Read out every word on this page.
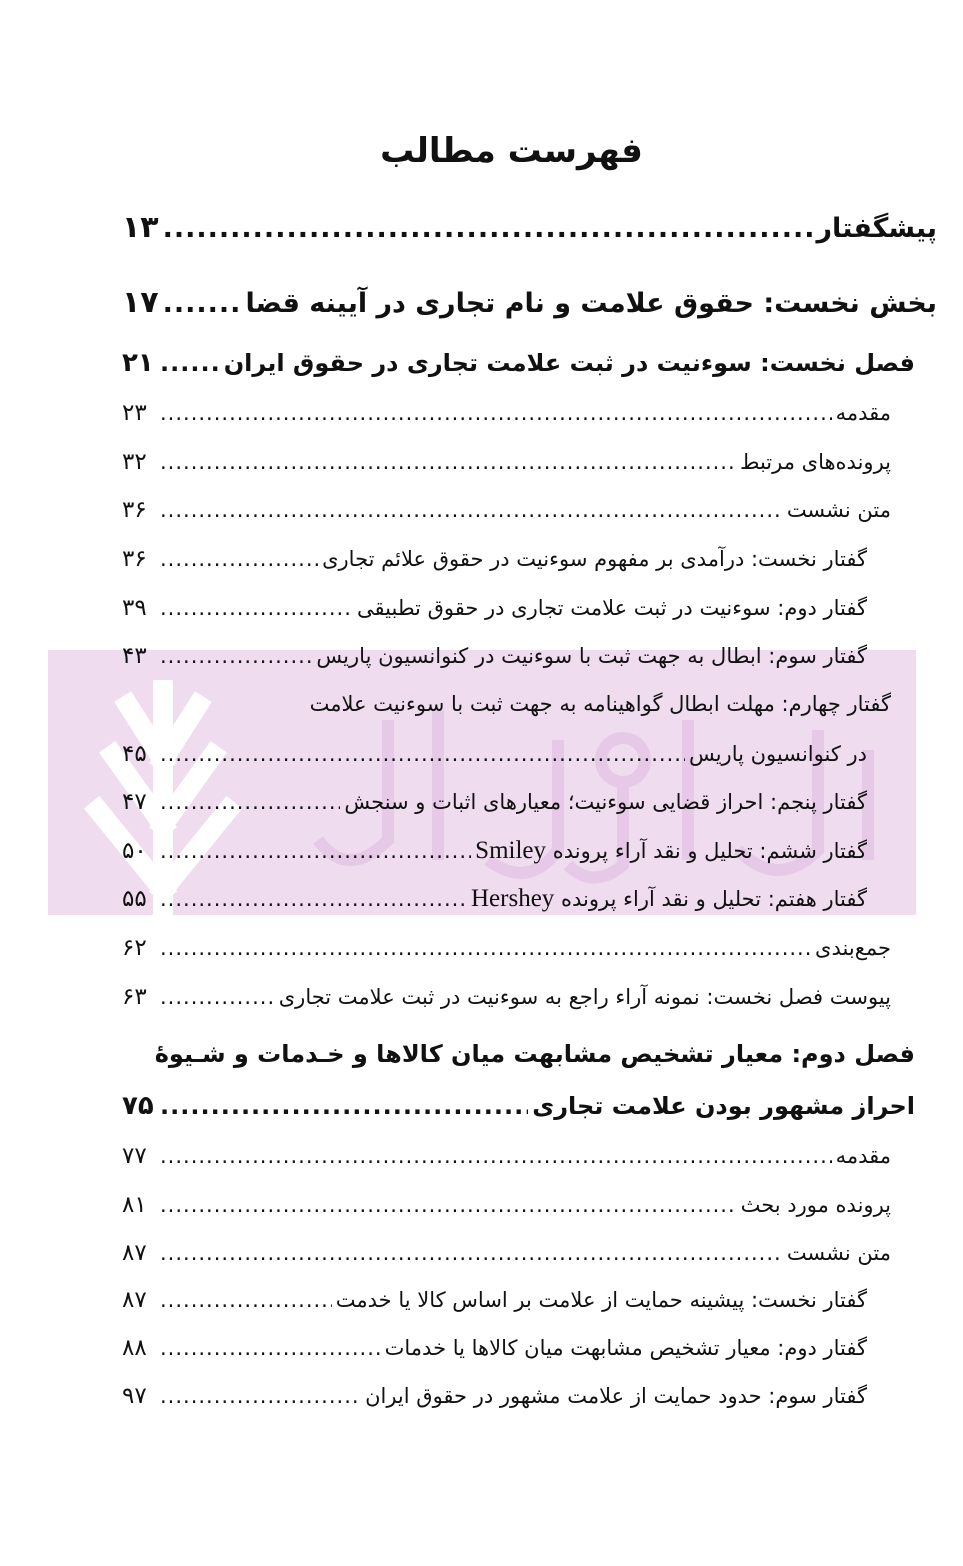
فهرست مطالب
پیشگفتار
.....
۱۳
بخش نخست: حقوق علامت و نام تجاری در آیینه قضا
.....
۱۷
فصل نخست: سوءنیت در ثبت علامت تجاری در حقوق ایران
.....
۲۱
مقدمه
.....
۲۳
پرونده‌های مرتبط
.....
۳۲
متن نشست
.....
۳۶
گفتار نخست: درآمدی بر مفهوم سوءنیت در حقوق علائم تجاری
.....
۳۶
گفتار دوم: سوءنیت در ثبت علامت تجاری در حقوق تطبیقی
.....
۳۹
گفتار سوم: ابطال به جهت ثبت با سوءنیت در کنوانسیون پاریس
.....
۴۳
گفتار چهارم: مهلت ابطال گواهینامه به جهت ثبت با سوءنیت علامت
در کنوانسیون پاریس
.....
۴۵
گفتار پنجم: احراز قضایی سوءنیت؛ معیارهای اثبات و سنجش
.....
۴۷
گفتار ششم: تحلیل و نقد آراء پرونده Smiley
.....
۵۰
گفتار هفتم: تحلیل و نقد آراء پرونده Hershey
.....
۵۵
جمع‌بندی
.....
۶۲
پیوست فصل نخست: نمونه آراء راجع به سوءنیت در ثبت علامت تجاری
.....
۶۳
فصل دوم: معیار تشخیص مشابهت میان کالاها و خـدمات و شـیوۀ
احراز مشهور بودن علامت تجاری
.....
۷۵
مقدمه
.....
۷۷
پرونده مورد بحث
.....
۸۱
متن نشست
.....
۸۷
گفتار نخست: پیشینه حمایت از علامت بر اساس کالا یا خدمت
.....
۸۷
گفتار دوم: معیار تشخیص مشابهت میان کالاها یا خدمات
.....
۸۸
گفتار سوم: حدود حمایت از علامت مشهور در حقوق ایران
.....
۹۷
